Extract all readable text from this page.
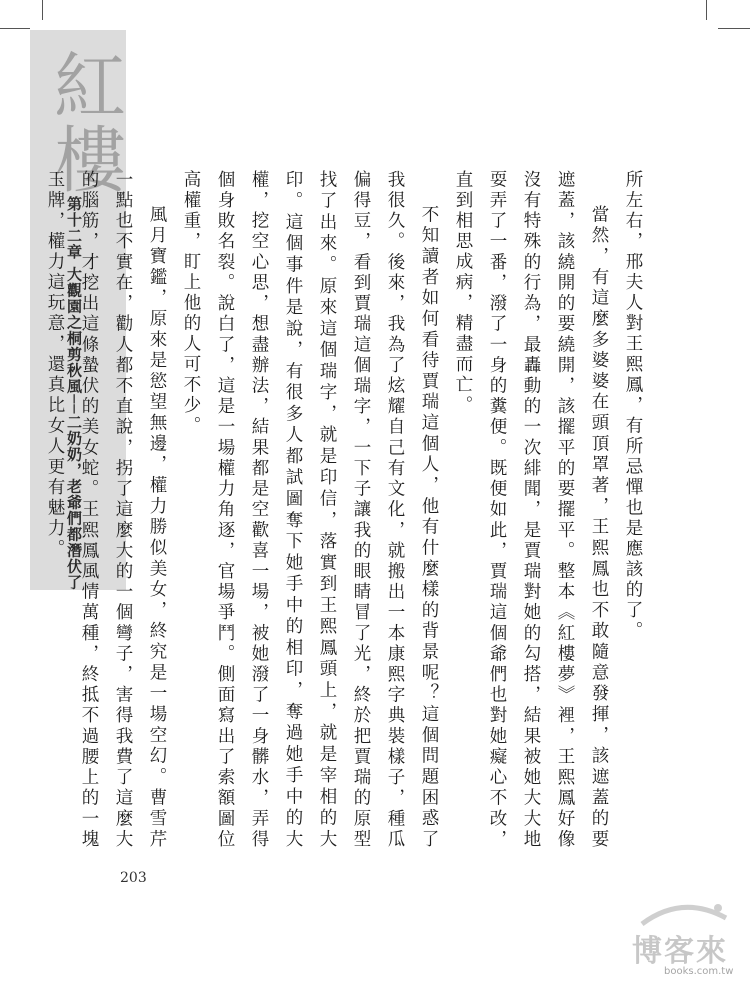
紅樓
第十二章 大觀園之桐剪秋風──二奶奶，老爺們都潛伏了	所左右，邢夫人對王熙鳳，有所忌憚也是應該的了。

當然，有這麼多婆婆在頭頂罩著，王熙鳳也不敢隨意發揮，該遮蓋的要遮蓋，該繞開的要繞開，該擺平的要擺平。整本《紅樓夢》裡，王熙鳳好像沒有特殊的行為，最轟動的一次緋聞，是賈瑞對她的勾搭，結果被她大大地耍弄了一番，潑了一身的糞便。既便如此，賈瑞這個爺們也對她癡心不改，直到相思成病，精盡而亡。

不知讀者如何看待賈瑞這個人，他有什麼樣的背景呢？這個問題困惑了我很久。後來，我為了炫耀自己有文化，就搬出一本康熙字典裝樣子，種瓜偏得豆，看到賈瑞這個瑞字，一下子讓我的眼睛冒了光，終於把賈瑞的原型找了出來。原來這個瑞字，就是印信，落實到王熙鳳頭上，就是宰相的大印。這個事件是說，有很多人都試圖奪下她手中的相印，奪過她手中的大權，挖空心思，想盡辦法，結果都是空歡喜一場，被她潑了一身髒水，弄得個身敗名裂。說白了，這是一場權力角逐，官場爭鬥。側面寫出了索額圖位高權重，盯上他的人可不少。

風月寶鑑，原來是慾望無邊，權力勝似美女，終究是一場空幻。曹雪芹一點也不實在，勸人都不直說，拐了這麼大的一個彎子，害得我費了這麼大的腦筋，才挖出這條蟄伏的美女蛇。王熙鳳風情萬種，終抵不過腰上的一塊玉牌，權力這玩意，還真比女人更有魅力。

203
博客來
books.com.tw
